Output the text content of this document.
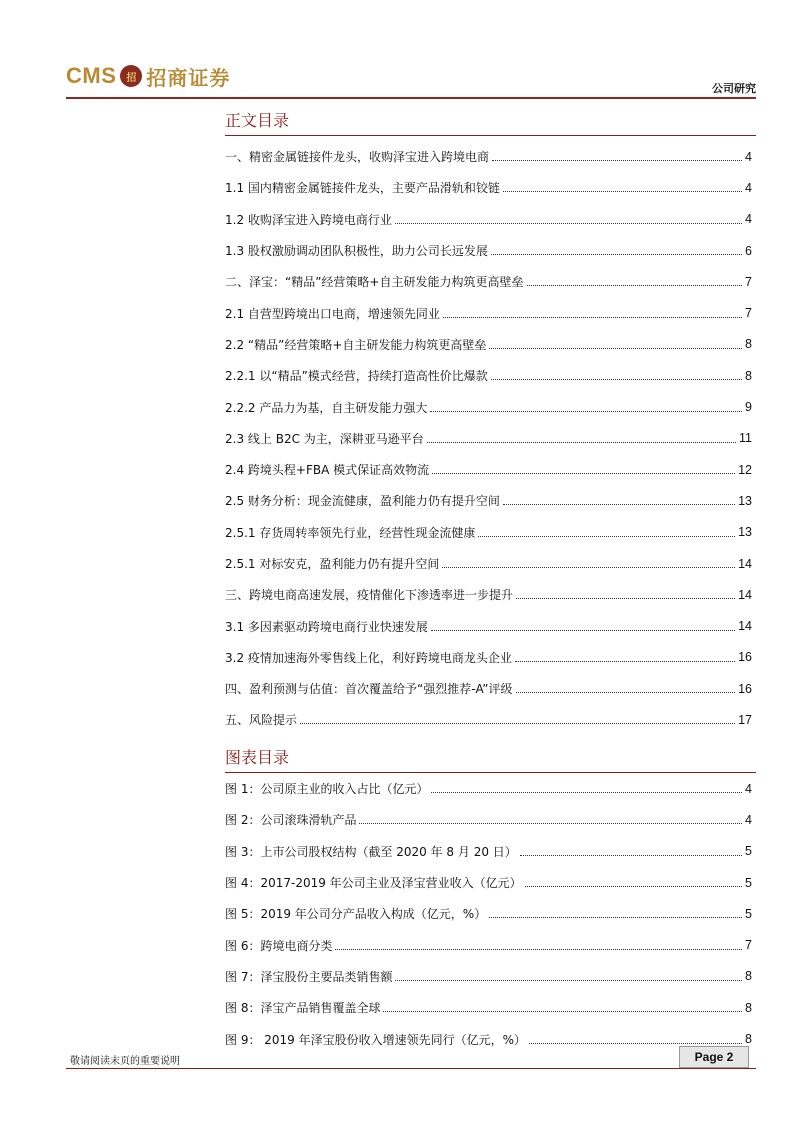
CMS	招 招商证券	公司研究
正文目录
一、精密金属链接件龙头，收购泽宝进入跨境电商	4
1.1 国内精密金属链接件龙头，主要产品滑轨和铰链	4
1.2 收购泽宝进入跨境电商行业	4
1.3 股权激励调动团队积极性，助力公司长远发展	6
二、泽宝：“精品”经营策略+自主研发能力构筑更高壁垒	7
2.1 自营型跨境出口电商，增速领先同业	7
2.2 “精品”经营策略+自主研发能力构筑更高壁垒	8
2.2.1 以“精品”模式经营，持续打造高性价比爆款	8
2.2.2 产品力为基，自主研发能力强大	9
2.3 线上 B2C 为主，深耕亚马逊平台	11
2.4 跨境头程+FBA 模式保证高效物流	12
2.5 财务分析：现金流健康，盈利能力仍有提升空间	13
2.5.1 存货周转率领先行业，经营性现金流健康	13
2.5.1 对标安克，盈利能力仍有提升空间	14
三、跨境电商高速发展，疫情催化下渗透率进一步提升	14
3.1 多因素驱动跨境电商行业快速发展	14
3.2 疫情加速海外零售线上化，利好跨境电商龙头企业	16
四、盈利预测与估值：首次覆盖给予“强烈推荐-A”评级	16
五、风险提示	17
图表目录
图 1：公司原主业的收入占比（亿元）	4
图 2：公司滚珠滑轨产品	4
图 3：上市公司股权结构（截至 2020 年 8 月 20 日）	5
图 4：2017-2019 年公司主业及泽宝营业收入（亿元）	5
图 5：2019 年公司分产品收入构成（亿元，%）	5
图 6：跨境电商分类	7
图 7：泽宝股份主要品类销售额	8
图 8：泽宝产品销售覆盖全球	8
图 9： 2019 年泽宝股份收入增速领先同行（亿元，%）	8
敬请阅读末页的重要说明	Page 2
